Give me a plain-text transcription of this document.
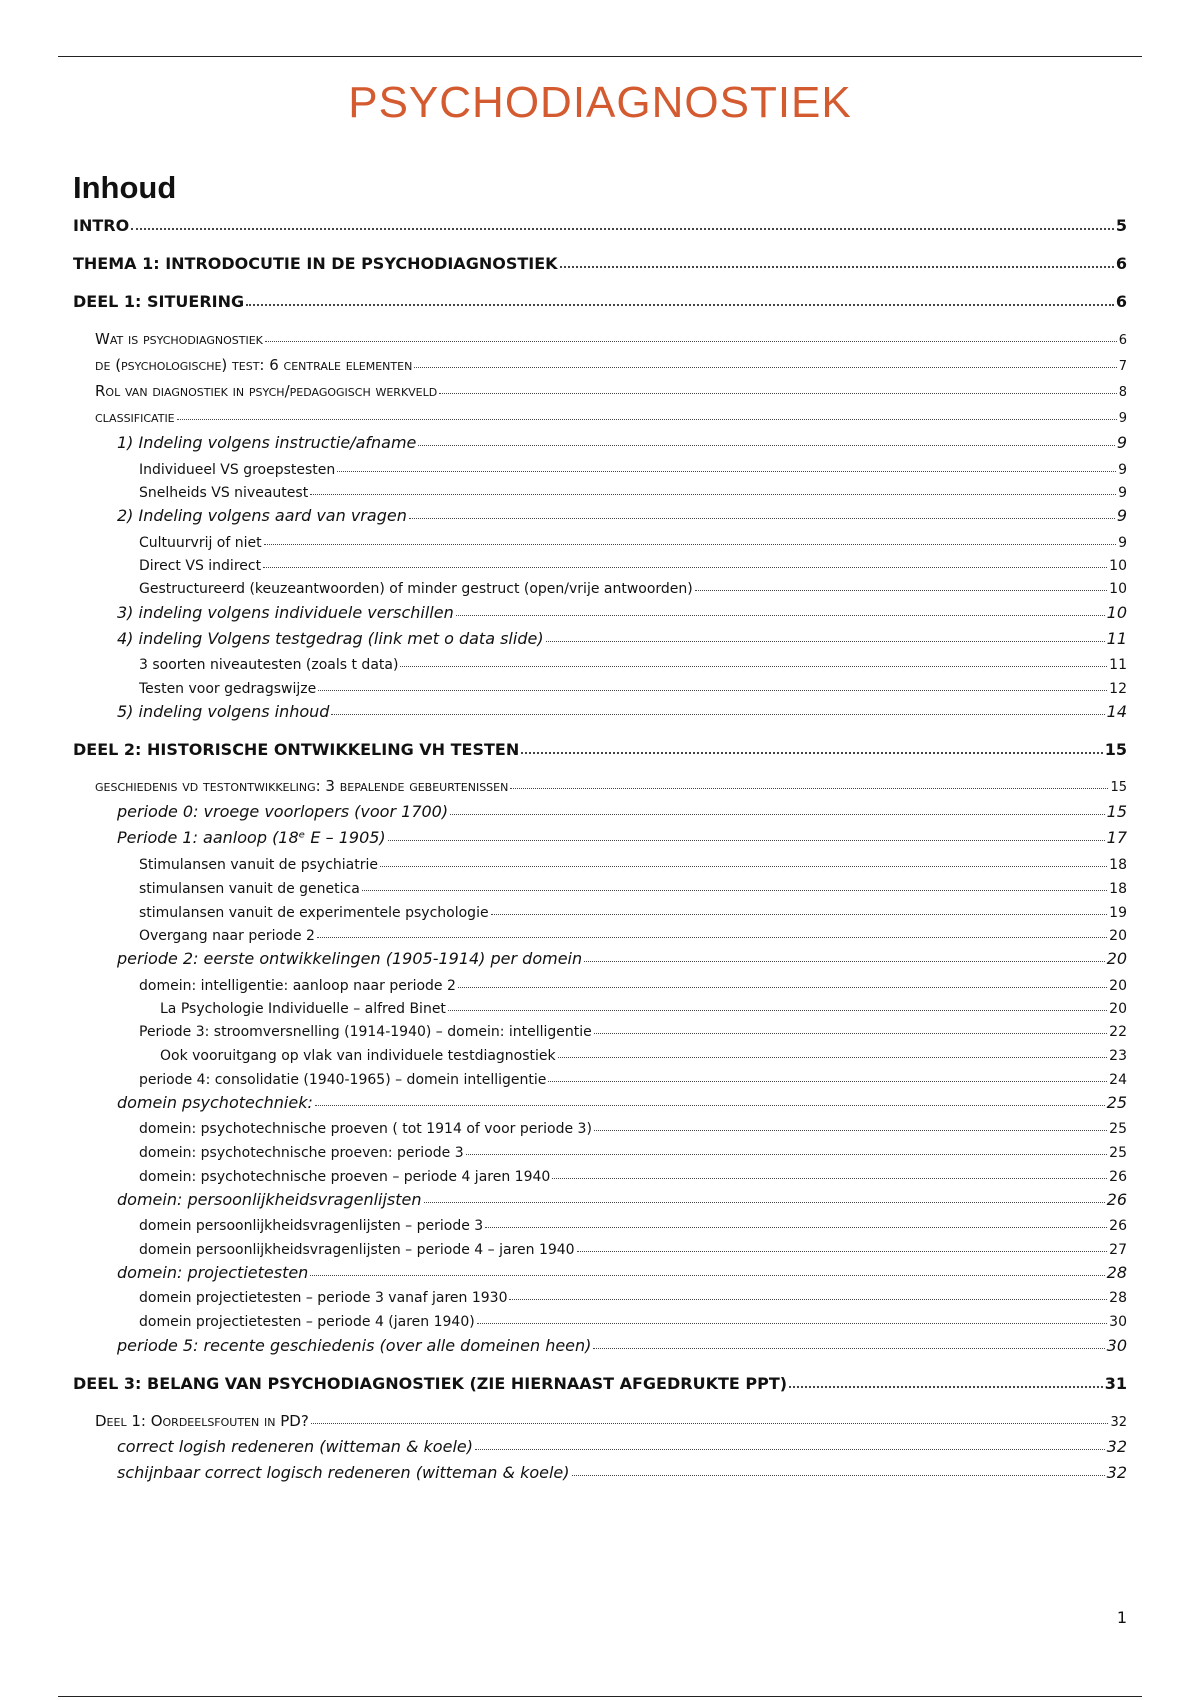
PSYCHODIAGNOSTIEK
Inhoud
INTRO	5
THEMA 1: INTRODOCUTIE IN DE PSYCHODIAGNOSTIEK	6
DEEL 1: SITUERING	6
Wat is psychodiagnostiek	6
de (psychologische) test: 6 centrale elementen	7
Rol van diagnostiek in psych/pedagogisch werkveld	8
classificatie	9
1) Indeling volgens instructie/afname	9
Individueel VS groepstesten	9
Snelheids VS niveautest	9
2) Indeling volgens aard van vragen	9
Cultuurvrij of niet	9
Direct VS indirect	10
Gestructureerd (keuzeantwoorden) of minder gestruct (open/vrije antwoorden)	10
3) indeling volgens individuele verschillen	10
4) indeling Volgens testgedrag (link met o data slide)	11
3 soorten niveautesten (zoals t data)	11
Testen voor gedragswijze	12
5) indeling volgens inhoud	14
DEEL 2: HISTORISCHE ONTWIKKELING VH TESTEN	15
geschiedenis vd testontwikkeling: 3 bepalende gebeurtenissen	15
periode 0: vroege voorlopers (voor 1700)	15
Periode 1: aanloop (18ᵉ E – 1905)	17
Stimulansen vanuit de psychiatrie	18
stimulansen vanuit de genetica	18
stimulansen vanuit de experimentele psychologie	19
Overgang naar periode 2	20
periode 2: eerste ontwikkelingen (1905-1914) per domein	20
domein: intelligentie: aanloop naar periode 2	20
La Psychologie Individuelle – alfred Binet	20
Periode 3: stroomversnelling (1914-1940) – domein: intelligentie	22
Ook vooruitgang op vlak van individuele testdiagnostiek	23
periode 4: consolidatie (1940-1965) – domein intelligentie	24
domein psychotechniek:	25
domein: psychotechnische proeven ( tot 1914 of voor periode 3)	25
domein: psychotechnische proeven: periode 3	25
domein: psychotechnische proeven – periode 4 jaren 1940	26
domein: persoonlijkheidsvragenlijsten	26
domein persoonlijkheidsvragenlijsten – periode 3	26
domein persoonlijkheidsvragenlijsten – periode 4 – jaren 1940	27
domein: projectietesten	28
domein projectietesten – periode 3 vanaf jaren 1930	28
domein projectietesten – periode 4 (jaren 1940)	30
periode 5: recente geschiedenis (over alle domeinen heen)	30
DEEL 3: BELANG VAN PSYCHODIAGNOSTIEK (ZIE HIERNAAST AFGEDRUKTE PPT)	31
Deel 1: Oordeelsfouten in PD?	32
correct logish redeneren (witteman & koele)	32
schijnbaar correct logisch redeneren (witteman & koele)	32
1
